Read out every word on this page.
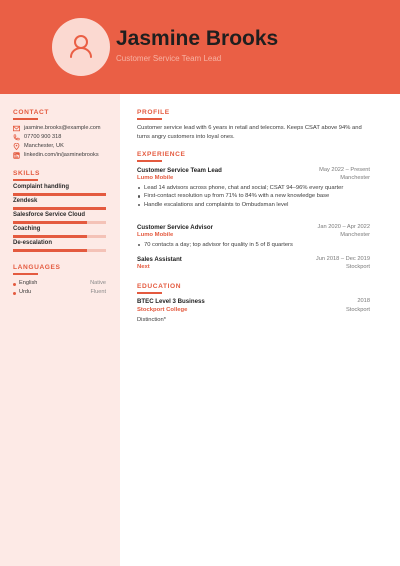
Jasmine Brooks
Customer Service Team Lead
CONTACT
jasmine.brooks@example.com
07700 900 318
Manchester, UK
linkedin.com/in/jasminebrooks
SKILLS
Complaint handling
Zendesk
Salesforce Service Cloud
Coaching
De-escalation
LANGUAGES
English	Native
Urdu	Fluent
PROFILE
Customer service lead with 6 years in retail and telecoms. Keeps CSAT above 94% and turns angry customers into loyal ones.
EXPERIENCE
Customer Service Team Lead	May 2022 – Present
Lumo Mobile	Manchester
Lead 14 advisors across phone, chat and social; CSAT 94–96% every quarter
First-contact resolution up from 71% to 84% with a new knowledge base
Handle escalations and complaints to Ombudsman level
Customer Service Advisor	Jan 2020 – Apr 2022
Lumo Mobile	Manchester
70 contacts a day; top advisor for quality in 5 of 8 quarters
Sales Assistant	Jun 2018 – Dec 2019
Next	Stockport
EDUCATION
BTEC Level 3 Business	2018
Stockport College	Stockport
Distinction*
